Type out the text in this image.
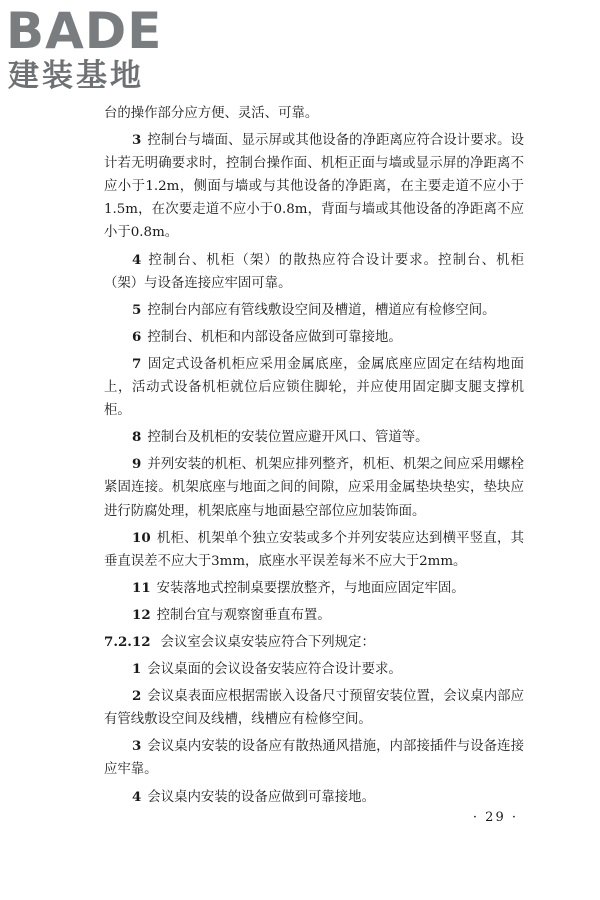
BADE
建装基地

台的操作部分应方便、灵活、可靠。

3 控制台与墙面、显示屏或其他设备的净距离应符合设计要求。设计若无明确要求时，控制台操作面、机柜正面与墙或显示屏的净距离不应小于1.2m，侧面与墙或与其他设备的净距离，在主要走道不应小于1.5m，在次要走道不应小于0.8m，背面与墙或其他设备的净距离不应小于0.8m。

4 控制台、机柜（架）的散热应符合设计要求。控制台、机柜（架）与设备连接应牢固可靠。

5 控制台内部应有管线敷设空间及槽道，槽道应有检修空间。

6 控制台、机柜和内部设备应做到可靠接地。

7 固定式设备机柜应采用金属底座，金属底座应固定在结构地面上，活动式设备机柜就位后应锁住脚轮，并应使用固定脚支腿支撑机柜。

8 控制台及机柜的安装位置应避开风口、管道等。

9 并列安装的机柜、机架应排列整齐，机柜、机架之间应采用螺栓紧固连接。机架底座与地面之间的间隙，应采用金属垫块垫实，垫块应进行防腐处理，机架底座与地面悬空部位应加装饰面。

10 机柜、机架单个独立安装或多个并列安装应达到横平竖直，其垂直误差不应大于3mm，底座水平误差每米不应大于2mm。

11 安装落地式控制桌要摆放整齐，与地面应固定牢固。

12 控制台宜与观察窗垂直布置。

7.2.12 会议室会议桌安装应符合下列规定：

1 会议桌面的会议设备安装应符合设计要求。

2 会议桌表面应根据需嵌入设备尺寸预留安装位置，会议桌内部应有管线敷设空间及线槽，线槽应有检修空间。

3 会议桌内安装的设备应有散热通风措施，内部接插件与设备连接应牢靠。

4 会议桌内安装的设备应做到可靠接地。

· 29 ·
